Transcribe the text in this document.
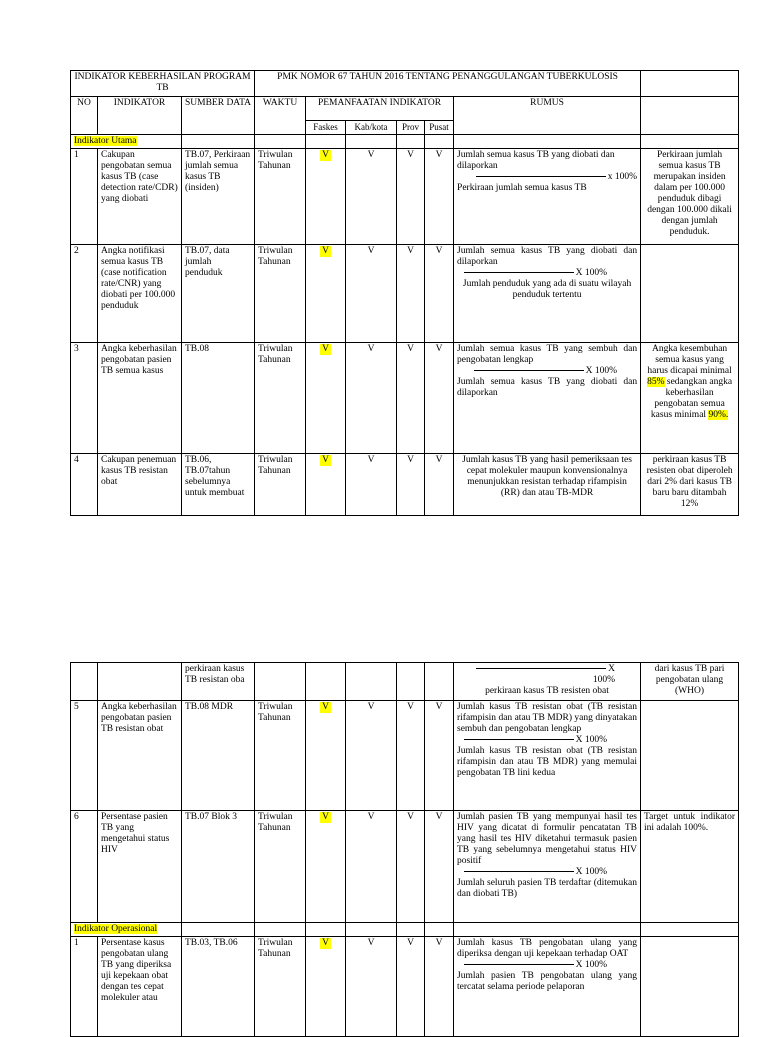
INDIKATOR KEBERHASILAN PROGRAM TB			PMK NOMOR 67 TAHUN 2016 TENTANG PENANGGULANGAN TUBERKULOSIS						
NO	INDIKATOR	SUMBER DATA	WAKTU	PEMANFAATAN INDIKATOR				RUMUS	
				Faskes	Kab/kota	Prov	Pusat		
Indikator Utama									
1	Cakupan pengobatan semua kasus TB (case detection rate/CDR) yang diobati	TB.07, Perkiraan jumlah semua kasus TB (insiden)	Triwulan Tahunan	V	V	V	V	Jumlah semua kasus TB yang diobati dan dilaporkan
x 100%
Perkiraan jumlah semua kasus TB	Perkiraan jumlah semua kasus TB merupakan insiden dalam per 100.000 penduduk dibagi dengan 100.000 dikali dengan jumlah penduduk.
2	Angka notifikasi semua kasus TB (case notification rate/CNR) yang diobati per 100.000 penduduk	TB.07, data jumlah penduduk	Triwulan Tahunan	V	V	V	V	Jumlah semua kasus TB yang diobati dan dilaporkan
X 100%
Jumlah penduduk yang ada di suatu wilayah penduduk tertentu	

3	Angka keberhasilan pengobatan pasien TB semua kasus	TB.08	Triwulan Tahunan	V	V	V	V	Jumlah semua kasus TB yang sembuh dan pengobatan lengkap
X 100%
Jumlah semua kasus TB yang diobati dan dilaporkan	Angka kesembuhan semua kasus yang harus dicapai minimal 85% sedangkan angka keberhasilan pengobatan semua kasus minimal 90%.
4	Cakupan penemuan kasus TB resistan obat	TB.06, TB.07tahun sebelumnya untuk membuat	Triwulan Tahunan	V	V	V	V	Jumlah kasus TB yang hasil pemeriksaan tes cepat molekuler maupun konvensionalnya menunjukkan resistan terhadap rifampisin (RR) dan atau TB-MDR	perkiraan kasus TB resisten obat diperoleh dari 2% dari kasus TB baru baru ditambah 12%
		perkiraan kasus TB resistan oba						X 100%
perkiraan kasus TB resisten obat	dari kasus TB pari pengobatan ulang (WHO)
5	Angka keberhasilan pengobatan pasien TB resistan obat	TB.08 MDR	Triwulan Tahunan	V	V	V	V	Jumlah kasus TB resistan obat (TB resistan rifampisin dan atau TB MDR) yang dinyatakan sembuh dan pengobatan lengkap
X 100%
Jumlah kasus TB resistan obat (TB resistan rifampisin dan atau TB MDR) yang memulai pengobatan TB lini kedua	

6	Persentase pasien TB yang mengetahui status HIV	TB.07 Blok 3	Triwulan Tahunan	V	V	V	V	Jumlah pasien TB yang mempunyai hasil tes HIV yang dicatat di formulir pencatatan TB yang hasil tes HIV diketahui termasuk pasien TB yang sebelumnya mengetahui status HIV positif
X 100%
Jumlah seluruh pasien TB terdaftar (ditemukan dan diobati TB)	Target untuk indikator ini adalah 100%.
Indikator Operasional									
1	Persentase kasus pengobatan ulang TB yang diperiksa uji kepekaan obat dengan tes cepat molekuler atau	TB.03, TB.06	Triwulan Tahunan	V	V	V	V	Jumlah kasus TB pengobatan ulang yang diperiksa dengan uji kepekaan terhadap OAT
X 100%
Jumlah pasien TB pengobatan ulang yang tercatat selama periode pelaporan	
